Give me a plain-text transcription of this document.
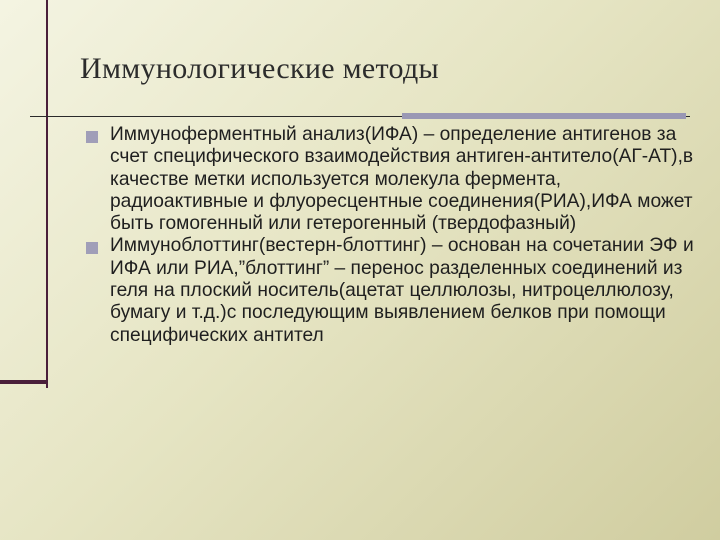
Иммунологические методы
Иммуноферментный анализ(ИФА) – определение антигенов за счет специфического взаимодействия антиген-антитело(АГ-АТ),в качестве метки используется молекула фермента, радиоактивные и флуоресцентные соединения(РИА),ИФА может быть гомогенный или гетерогенный (твердофазный)
Иммуноблоттинг(вестерн-блоттинг) – основан на сочетании ЭФ и ИФА или РИА,”блоттинг” – перенос разделенных соединений из геля на плоский носитель(ацетат целлюлозы, нитроцеллюлозу, бумагу и т.д.)с последующим выявлением белков при помощи специфических антител
